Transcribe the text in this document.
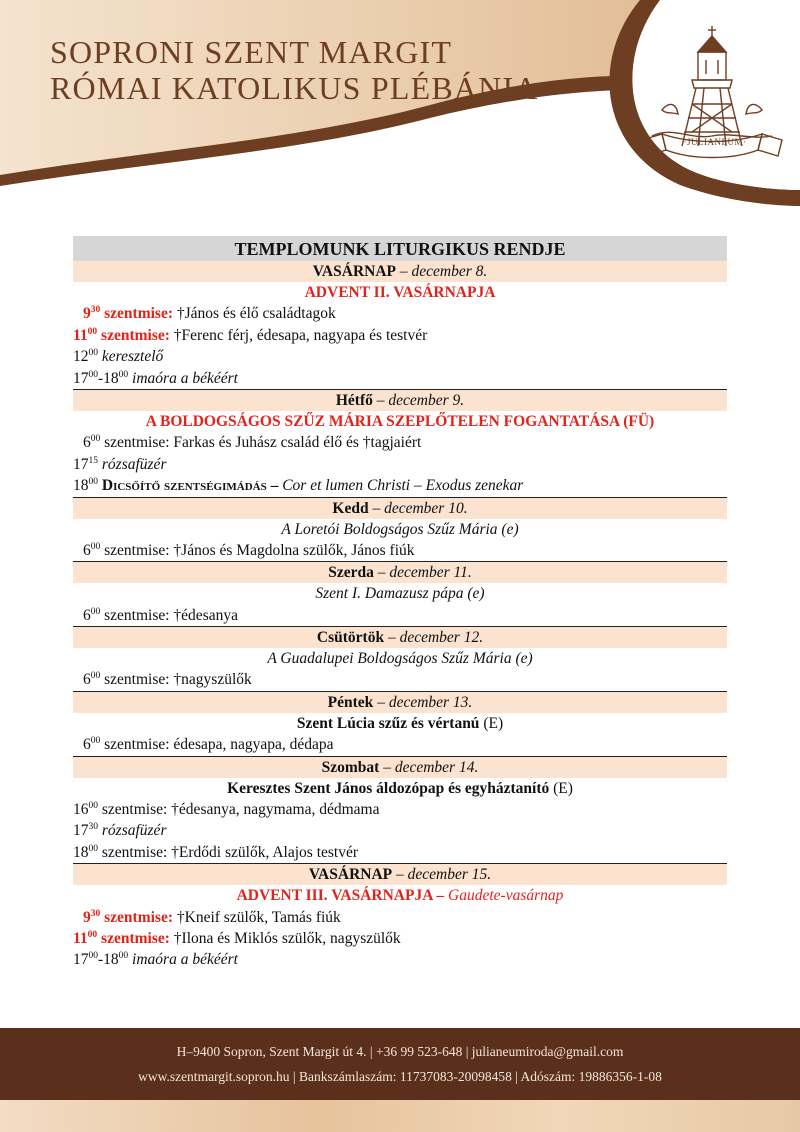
SOPRONI SZENT MARGIT
RÓMAI KATOLIKUS PLÉBÁNIA
·JULIANEUM·
TEMPLOMUNK LITURGIKUS RENDJE
VASÁRNAP – december 8.
ADVENT II. VASÁRNAPJA
$9^{30}$ szentmise: †János és élő családtagok
$11^{00}$ szentmise: †Ferenc férj, édesapa, nagyapa és testvér
$12^{00}$ keresztelő
$17^{00}-18^{00}$ imaóra a békéért
Hétfő – december 9.
A BOLDOGSÁGOS SZŰZ MÁRIA SZEPLŐTELEN FOGANTATÁSA (FÜ)
$6^{00}$ szentmise: Farkas és Juhász család élő és †tagjaiért
$17^{15}$ rózsafüzér
$18^{00}$ Dicsőítő szentségimádás – Cor et lumen Christi – Exodus zenekar
Kedd – december 10.
A Loretói Boldogságos Szűz Mária (e)
$6^{00}$ szentmise: †János és Magdolna szülők, János fiúk
Szerda – december 11.
Szent I. Damazusz pápa (e)
$6^{00}$ szentmise: †édesanya
Csütörtök – december 12.
A Guadalupei Boldogságos Szűz Mária (e)
$6^{00}$ szentmise: †nagyszülők
Péntek – december 13.
Szent Lúcia szűz és vértanú (E)
$6^{00}$ szentmise: édesapa, nagyapa, dédapa
Szombat – december 14.
Keresztes Szent János áldozópap és egyháztanító (E)
$16^{00}$ szentmise: †édesanya, nagymama, dédmama
$17^{30}$ rózsafüzér
$18^{00}$ szentmise: †Erdődi szülők, Alajos testvér
VASÁRNAP – december 15.
ADVENT III. VASÁRNAPJA – Gaudete-vasárnap
$9^{30}$ szentmise: †Kneif szülők, Tamás fiúk
$11^{00}$ szentmise: †Ilona és Miklós szülők, nagyszülők
$17^{00}-18^{00}$ imaóra a békéért
H–9400 Sopron, Szent Margit út 4. | +36 99 523-648 | julianeumiroda@gmail.com
www.szentmargit.sopron.hu | Bankszámlaszám: 11737083-20098458 | Adószám: 19886356-1-08
